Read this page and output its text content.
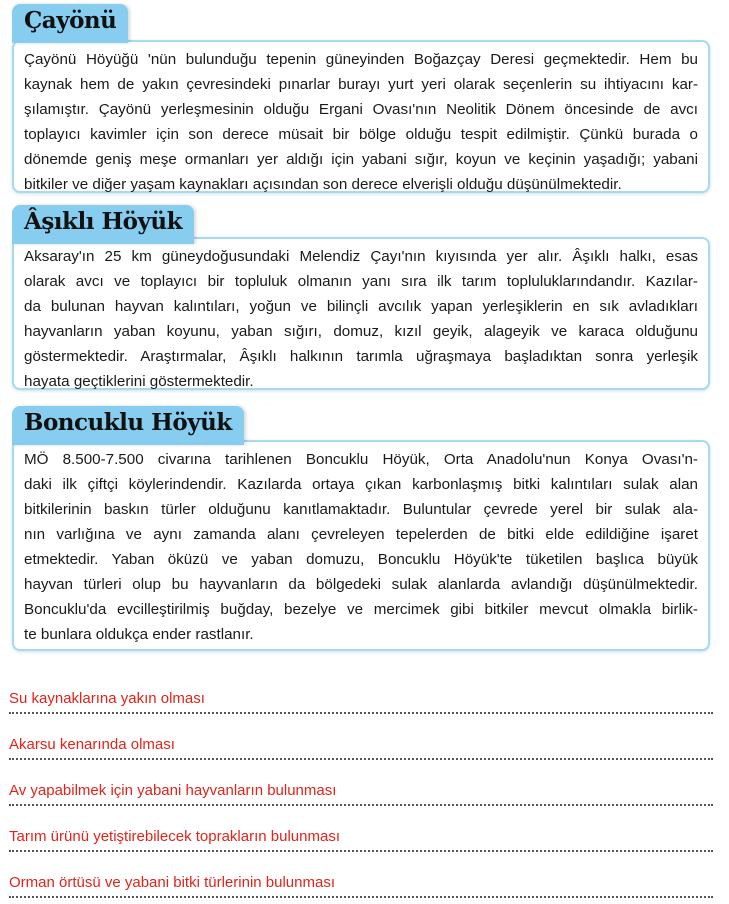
Çayönü Höyüğü 'nün bulunduğu tepenin güneyinden Boğazçay Deresi geçmektedir. Hem bu
kaynak hem de yakın çevresindeki pınarlar burayı yurt yeri olarak seçenlerin su ihtiyacını kar-
şılamıştır. Çayönü yerleşmesinin olduğu Ergani Ovası'nın Neolitik Dönem öncesinde de avcı
toplayıcı kavimler için son derece müsait bir bölge olduğu tespit edilmiştir. Çünkü burada o
dönemde geniş meşe ormanları yer aldığı için yabani sığır, koyun ve keçinin yaşadığı; yabani
bitkiler ve diğer yaşam kaynakları açısından son derece elverişli olduğu düşünülmektedir.
Çayönü
Aksaray'ın 25 km güneydoğusundaki Melendiz Çayı'nın kıyısında yer alır. Âşıklı halkı, esas
olarak avcı ve toplayıcı bir topluluk olmanın yanı sıra ilk tarım topluluklarındandır. Kazılar-
da bulunan hayvan kalıntıları, yoğun ve bilinçli avcılık yapan yerleşiklerin en sık avladıkları
hayvanların yaban koyunu, yaban sığırı, domuz, kızıl geyik, alageyik ve karaca olduğunu
göstermektedir. Araştırmalar, Âşıklı halkının tarımla uğraşmaya başladıktan sonra yerleşik
hayata geçtiklerini göstermektedir.
Âşıklı Höyük
MÖ 8.500-7.500 civarına tarihlenen Boncuklu Höyük, Orta Anadolu'nun Konya Ovası'n-
daki ilk çiftçi köylerindendir. Kazılarda ortaya çıkan karbonlaşmış bitki kalıntıları sulak alan
bitkilerinin baskın türler olduğunu kanıtlamaktadır. Buluntular çevrede yerel bir sulak ala-
nın varlığına ve aynı zamanda alanı çevreleyen tepelerden de bitki elde edildiğine işaret
etmektedir. Yaban öküzü ve yaban domuzu, Boncuklu Höyük'te tüketilen başlıca büyük
hayvan türleri olup bu hayvanların da bölgedeki sulak alanlarda avlandığı düşünülmektedir.
Boncuklu'da evcilleştirilmiş buğday, bezelye ve mercimek gibi bitkiler mevcut olmakla birlik-
te bunlara oldukça ender rastlanır.
Boncuklu Höyük
Su kaynaklarına yakın olması
Akarsu kenarında olması
Av yapabilmek için yabani hayvanların bulunması
Tarım ürünü yetiştirebilecek toprakların bulunması
Orman örtüsü ve yabani bitki türlerinin bulunması
